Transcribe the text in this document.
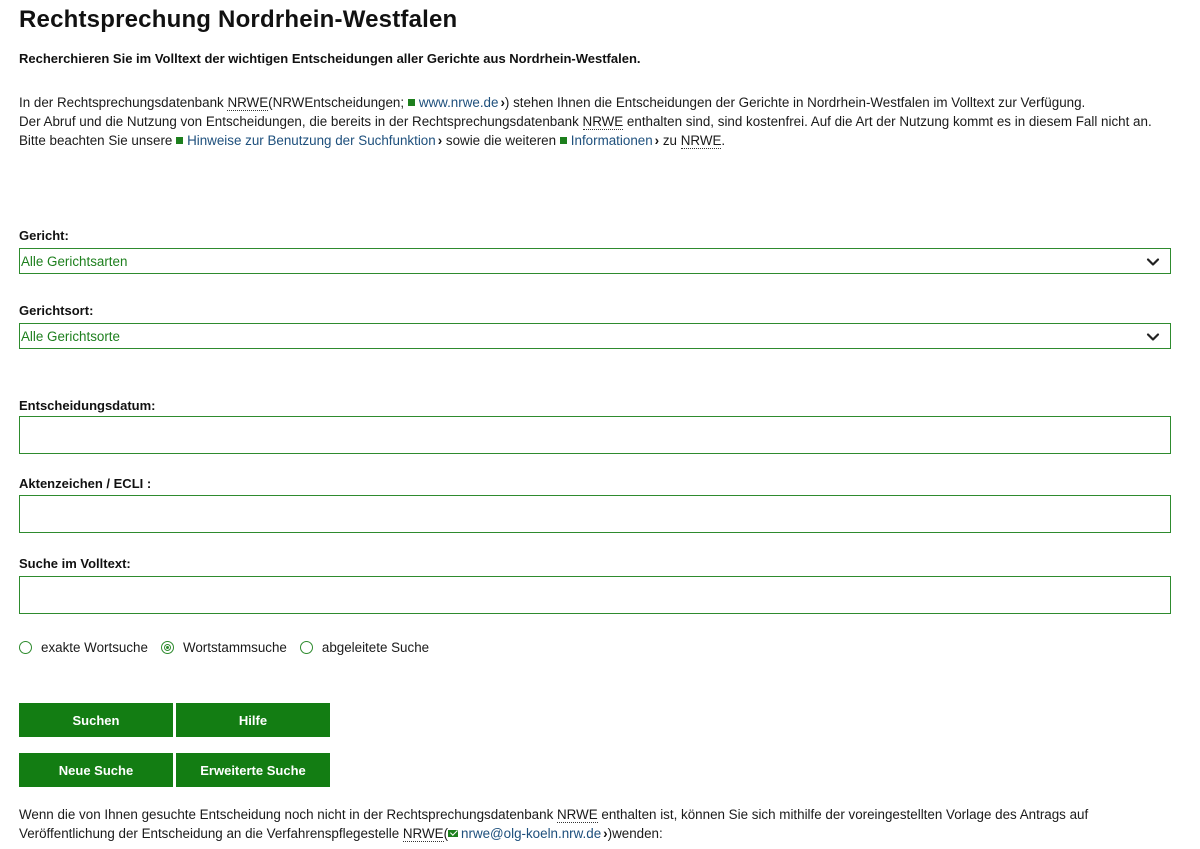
Rechtsprechung Nordrhein-Westfalen
Recherchieren Sie im Volltext der wichtigen Entscheidungen aller Gerichte aus Nordrhein-Westfalen.

In der Rechtsprechungsdatenbank NRWE(NRWEntscheidungen; www.nrwe.de ›) stehen Ihnen die Entscheidungen der Gerichte in Nordrhein-Westfalen im Volltext zur Verfügung.

Der Abruf und die Nutzung von Entscheidungen, die bereits in der Rechtsprechungsdatenbank NRWE enthalten sind, sind kostenfrei. Auf die Art der Nutzung kommt es in diesem Fall nicht an. Bitte beachten Sie unsere Hinweise zur Benutzung der Suchfunktion › sowie die weiteren Informationen › zu NRWE.

Gericht:
Alle Gerichtsarten
Gerichtsort:
Alle Gerichtsorte
Entscheidungsdatum:
Aktenzeichen / ECLI :
Suche im Volltext:
exakte Wortsuche	Wortstammsuche	abgeleitete Suche
Suchen	Hilfe
Neue Suche	Erweiterte Suche

Wenn die von Ihnen gesuchte Entscheidung noch nicht in der Rechtsprechungsdatenbank NRWE enthalten ist, können Sie sich mithilfe der voreingestellten Vorlage des Antrags auf Veröffentlichung der Entscheidung an die Verfahrenspflegestelle NRWE( nrwe@olg-koeln.nrw.de ›)wenden:
